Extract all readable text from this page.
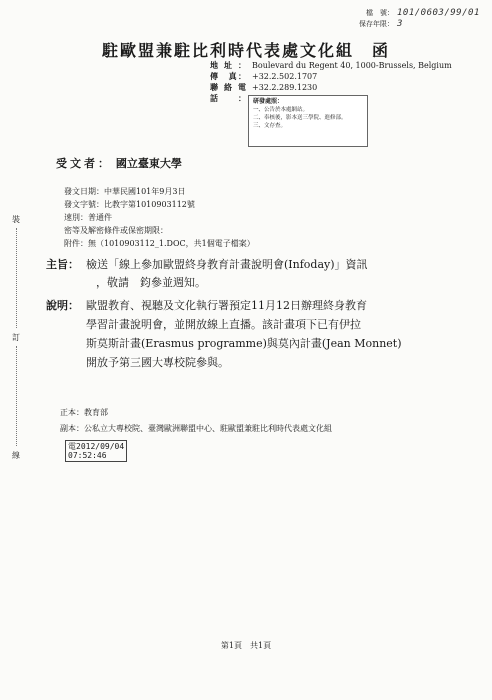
檔　號： 101/0603/99/01
保存年限： 3
駐歐盟兼駐比利時代表處文化組　函
地址： Boulevard du Regent 40, 1000-Brussels, Belgium
傳　真： +32.2.502.1707
聯絡電話：
+32.2.289.1230
研發處照：
一、公告於本處網站。
二、奉核後，影本送三學院、進修部。
三、文存查。
受文者： 國立臺東大學
發文日期： 中華民國101年9月3日
發文字號： 比教字第1010903112號
速別： 普通件
密等及解密條件或保密期限：
附件： 無（1010903112_1.DOC，共1個電子檔案）
主旨： 檢送「線上參加歐盟終身教育計畫說明會(Infoday)」資訊
，敬請　鈞參並週知。
說明： 歐盟教育、視聽及文化執行署預定11月12日辦理終身教育
學習計畫說明會，並開放線上直播。該計畫項下已有伊拉
斯莫斯計畫(Erasmus programme)與莫內計畫(Jean Monnet)
開放予第三國大專校院參與。
正本：教育部
副本：公私立大專校院、臺灣歐洲聯盟中心、駐歐盟兼駐比利時代表處文化組
電2012/09/04
07:52:46
裝
訂
線
第1頁　共1頁
